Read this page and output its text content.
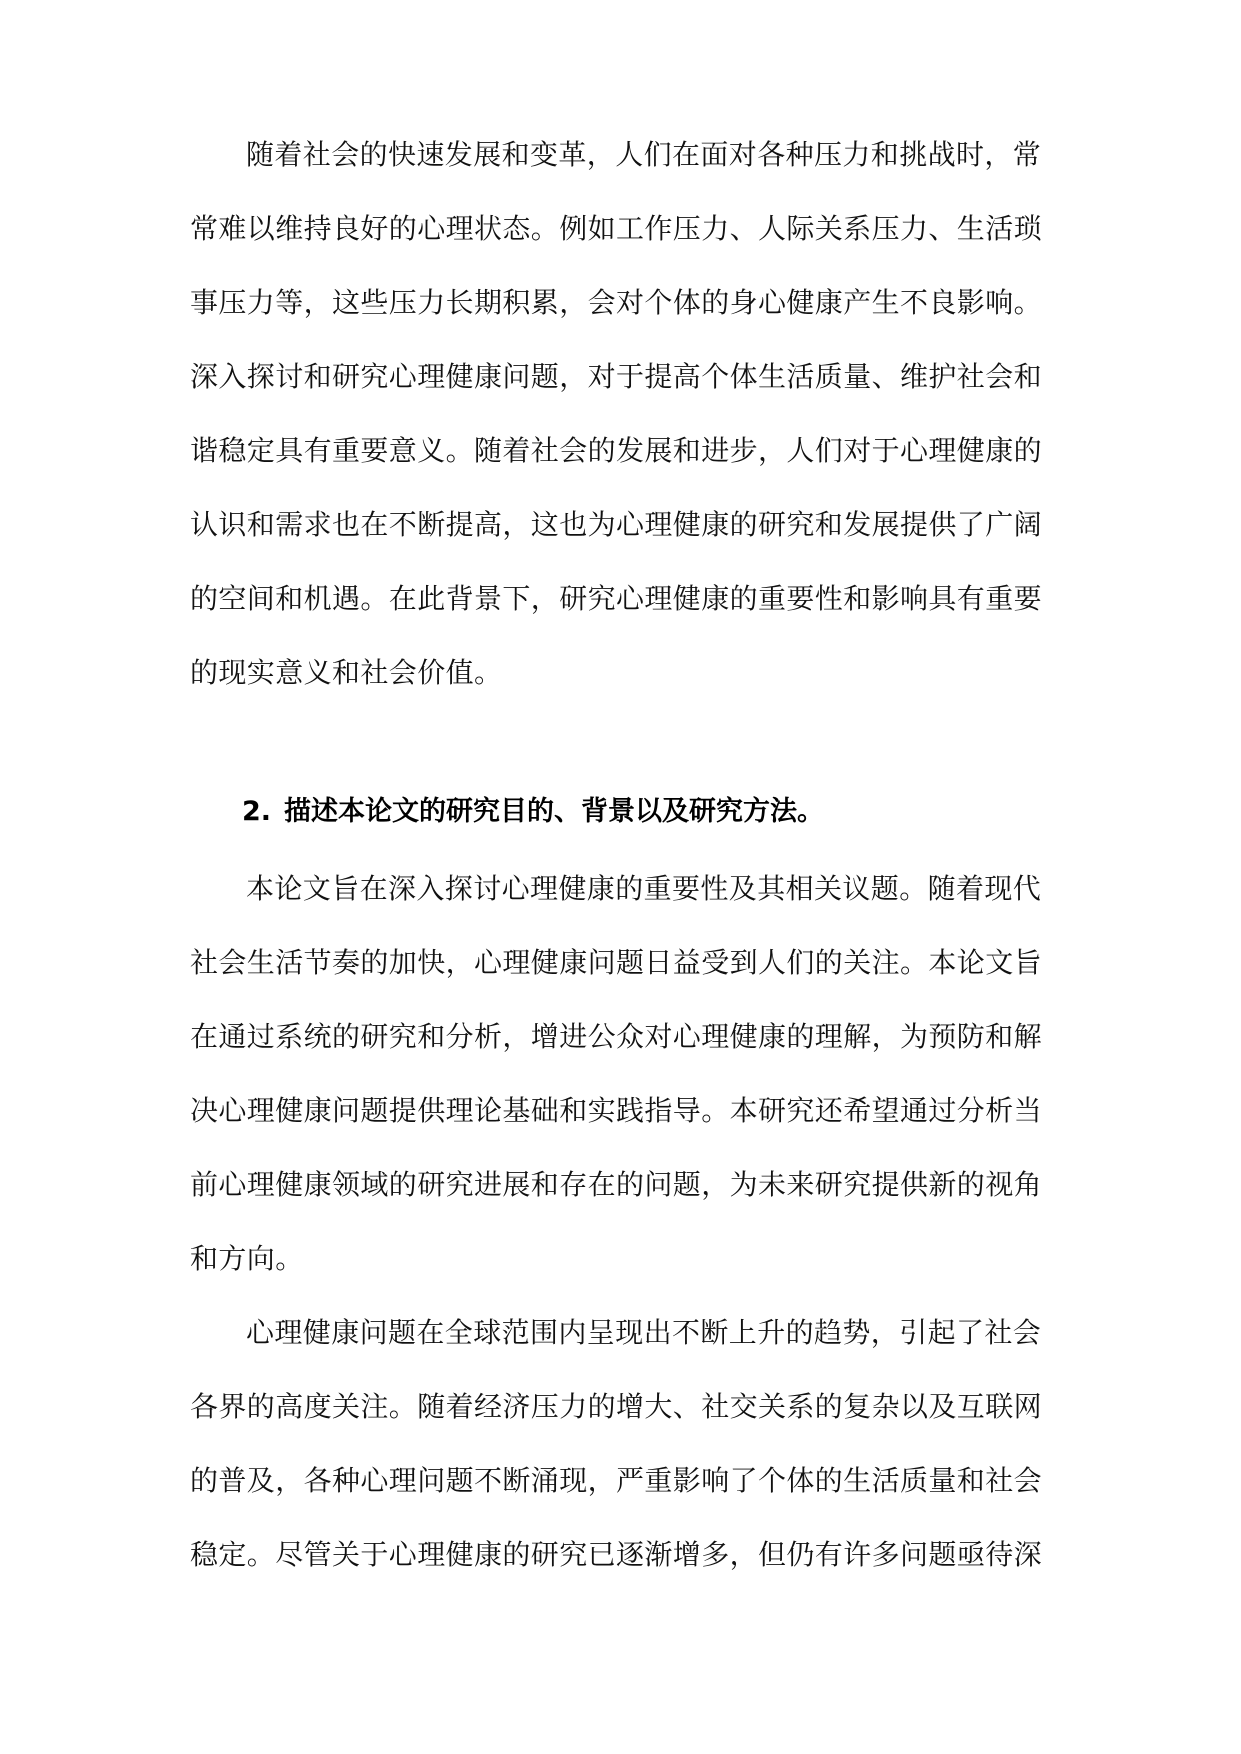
随着社会的快速发展和变革，人们在面对各种压力和挑战时，常
常难以维持良好的心理状态。例如工作压力、人际关系压力、生活琐
事压力等，这些压力长期积累，会对个体的身心健康产生不良影响。
深入探讨和研究心理健康问题，对于提高个体生活质量、维护社会和
谐稳定具有重要意义。随着社会的发展和进步，人们对于心理健康的
认识和需求也在不断提高，这也为心理健康的研究和发展提供了广阔
的空间和机遇。在此背景下，研究心理健康的重要性和影响具有重要
的现实意义和社会价值。
2. 描述本论文的研究目的、背景以及研究方法。
本论文旨在深入探讨心理健康的重要性及其相关议题。随着现代
社会生活节奏的加快，心理健康问题日益受到人们的关注。本论文旨
在通过系统的研究和分析，增进公众对心理健康的理解，为预防和解
决心理健康问题提供理论基础和实践指导。本研究还希望通过分析当
前心理健康领域的研究进展和存在的问题，为未来研究提供新的视角
和方向。
心理健康问题在全球范围内呈现出不断上升的趋势，引起了社会
各界的高度关注。随着经济压力的增大、社交关系的复杂以及互联网
的普及，各种心理问题不断涌现，严重影响了个体的生活质量和社会
稳定。尽管关于心理健康的研究已逐渐增多，但仍有许多问题亟待深
